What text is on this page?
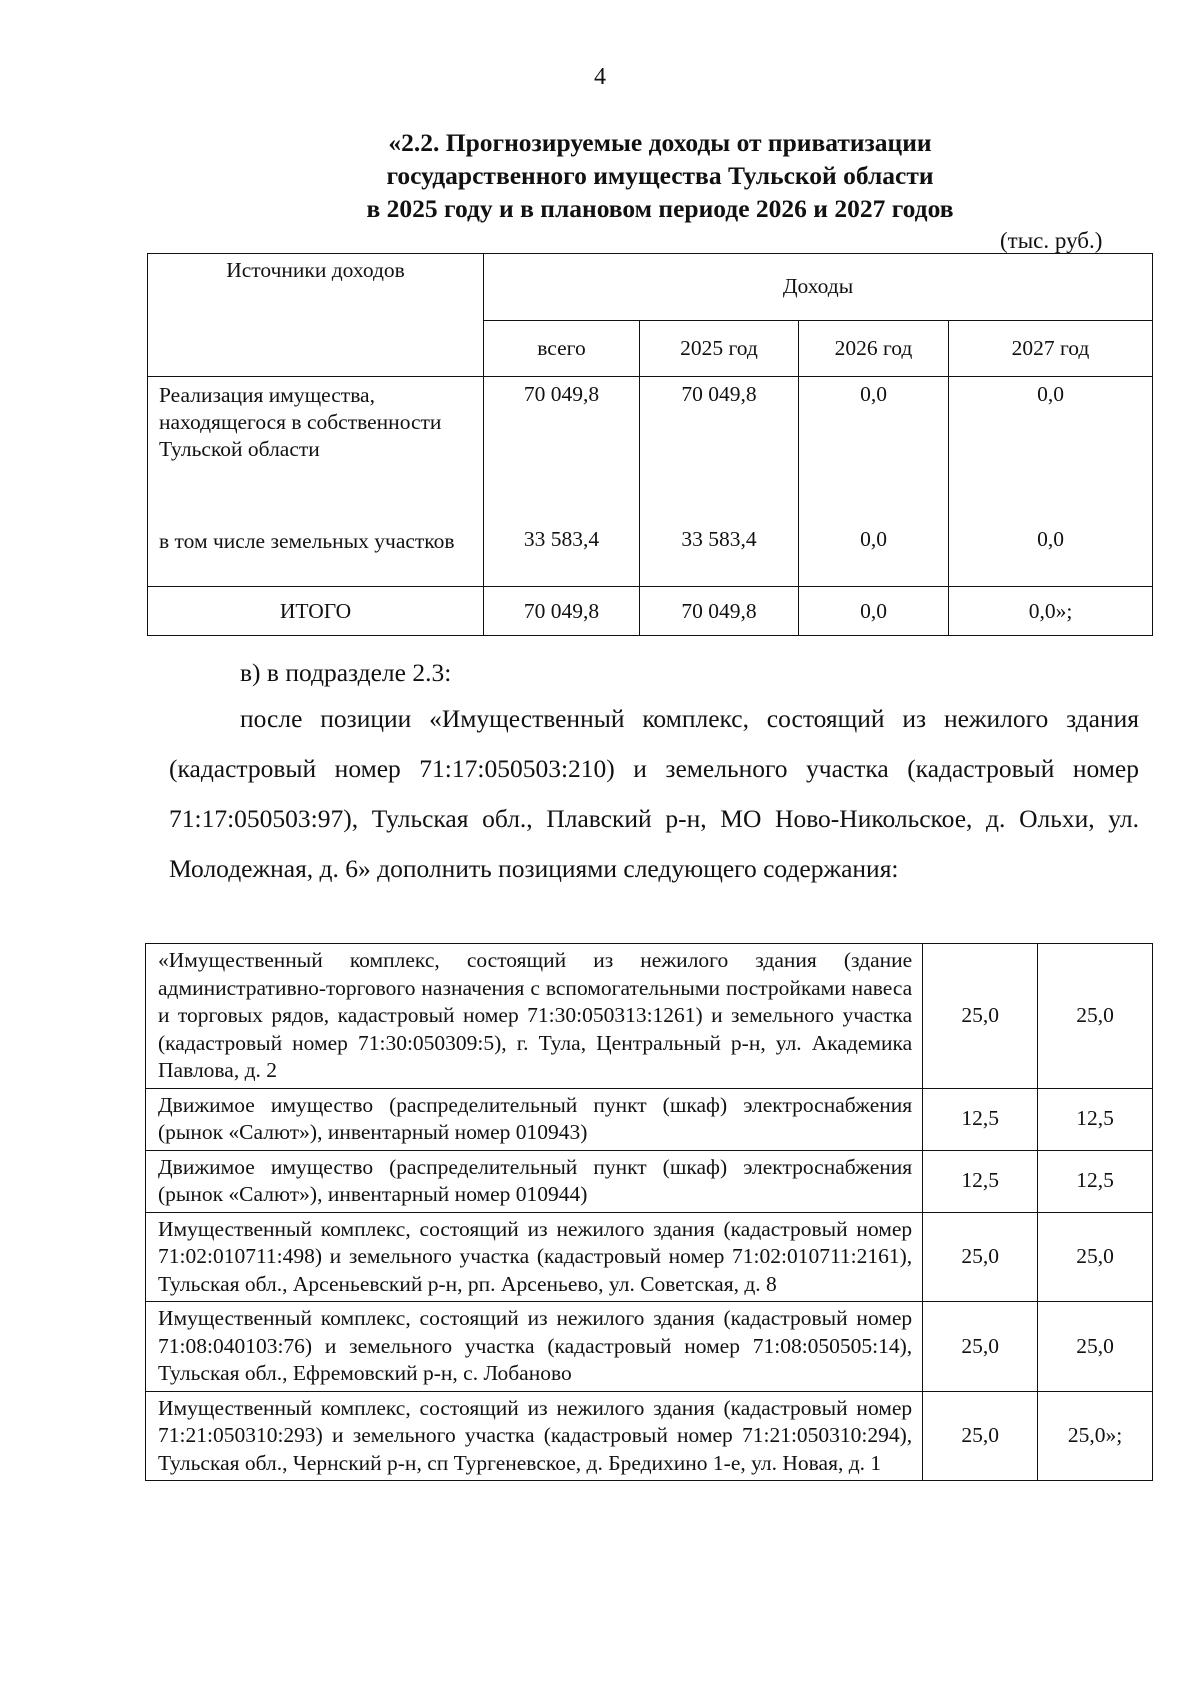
4
«2.2. Прогнозируемые доходы от приватизации
государственного имущества Тульской области
в 2025 году и в плановом периоде 2026 и 2027 годов
(тыс. руб.)
Источники доходов	Доходы			
	всего	2025 год	2026 год	2027 год
Реализация имущества, находящегося в собственности Тульской области	70 049,8	70 049,8	0,0	0,0
в том числе земельных участков	33 583,4	33 583,4	0,0	0,0
ИТОГО	70 049,8	70 049,8	0,0	0,0»;
в) в подразделе 2.3:
после позиции «Имущественный комплекс, состоящий из нежилого здания (кадастровый номер 71:17:050503:210) и земельного участка (кадастровый номер 71:17:050503:97), Тульская обл., Плавский р-н, МО Ново-Никольское, д. Ольхи, ул. Молодежная, д. 6» дополнить позициями следующего содержания:
«Имущественный комплекс, состоящий из нежилого здания (здание административно-торгового назначения с вспомогательными постройками навеса и торговых рядов, кадастровый номер 71:30:050313:1261) и земельного участка (кадастровый номер 71:30:050309:5), г. Тула, Центральный р-н, ул. Академика Павлова, д. 2	25,0	25,0
Движимое имущество (распределительный пункт (шкаф) электроснабжения (рынок «Салют»), инвентарный номер 010943)	12,5	12,5
Движимое имущество (распределительный пункт (шкаф) электроснабжения (рынок «Салют»), инвентарный номер 010944)	12,5	12,5
Имущественный комплекс, состоящий из нежилого здания (кадастровый номер 71:02:010711:498) и земельного участка (кадастровый номер 71:02:010711:2161), Тульская обл., Арсеньевский р-н, рп. Арсеньево, ул. Советская, д. 8	25,0	25,0
Имущественный комплекс, состоящий из нежилого здания (кадастровый номер 71:08:040103:76) и земельного участка (кадастровый номер 71:08:050505:14), Тульская обл., Ефремовский р-н, с. Лобаново	25,0	25,0
Имущественный комплекс, состоящий из нежилого здания (кадастровый номер 71:21:050310:293) и земельного участка (кадастровый номер 71:21:050310:294), Тульская обл., Чернский р-н, сп Тургеневское, д. Бредихино 1-е, ул. Новая, д. 1	25,0	25,0»;
